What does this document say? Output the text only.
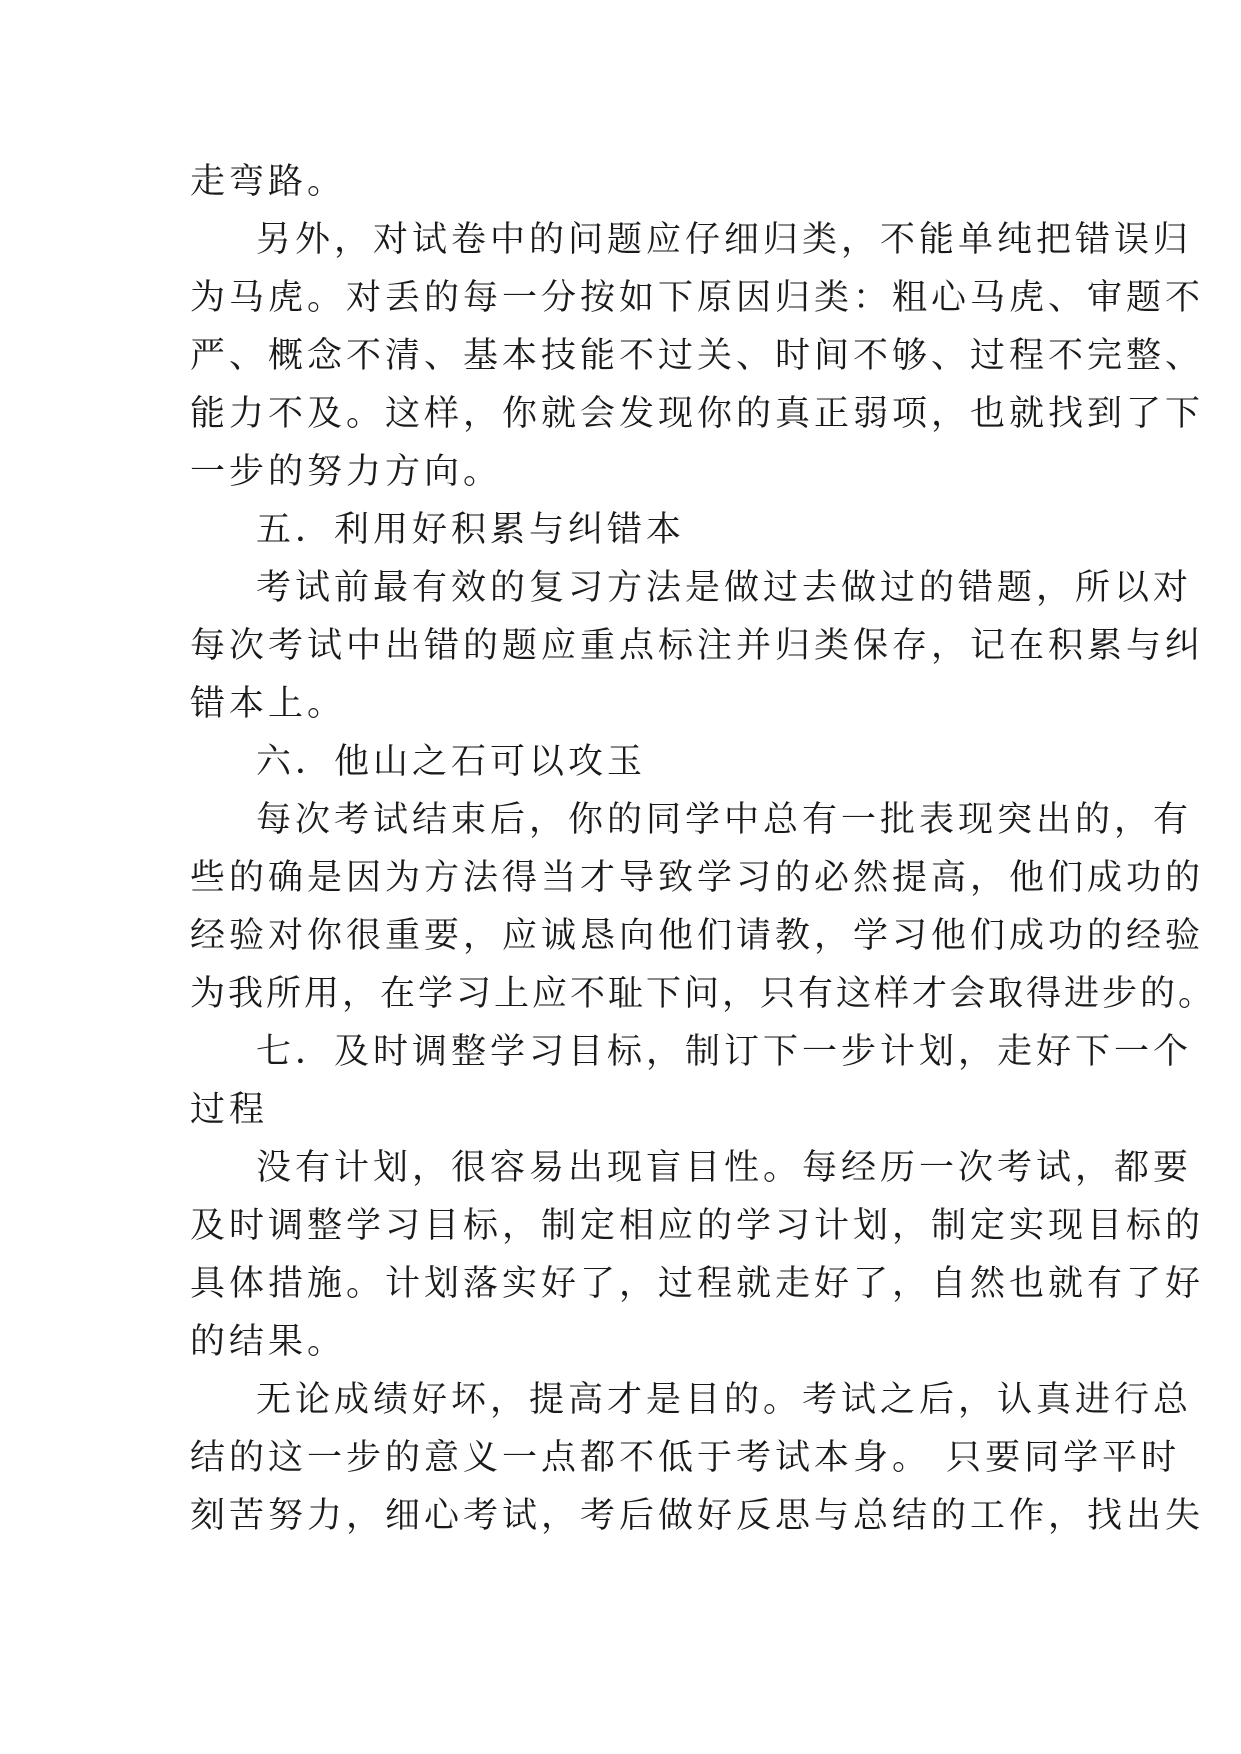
走弯路。
另外，对试卷中的问题应仔细归类，不能单纯把错误归
为马虎。对丢的每一分按如下原因归类：粗心马虎、审题不
严、概念不清、基本技能不过关、时间不够、过程不完整、
能力不及。这样，你就会发现你的真正弱项，也就找到了下
一步的努力方向。
五．利用好积累与纠错本
考试前最有效的复习方法是做过去做过的错题，所以对
每次考试中出错的题应重点标注并归类保存，记在积累与纠
错本上。
六．他山之石可以攻玉
每次考试结束后，你的同学中总有一批表现突出的，有
些的确是因为方法得当才导致学习的必然提高，他们成功的
经验对你很重要，应诚恳向他们请教，学习他们成功的经验
为我所用，在学习上应不耻下问，只有这样才会取得进步的。
七．及时调整学习目标，制订下一步计划，走好下一个
过程
没有计划，很容易出现盲目性。每经历一次考试，都要
及时调整学习目标，制定相应的学习计划，制定实现目标的
具体措施。计划落实好了，过程就走好了，自然也就有了好
的结果。
无论成绩好坏，提高才是目的。考试之后，认真进行总
结的这一步的意义一点都不低于考试本身。 只要同学平时
刻苦努力，细心考试，考后做好反思与总结的工作，找出失
